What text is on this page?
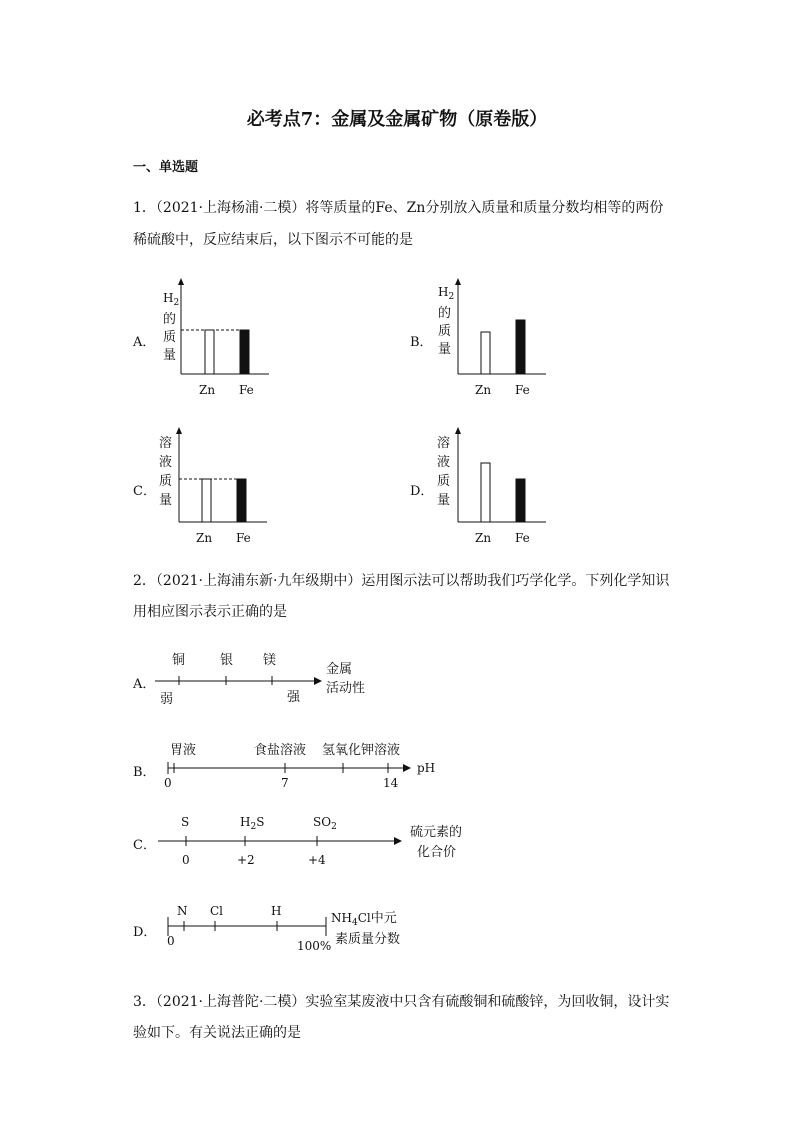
必考点7：金属及金属矿物（原卷版）
一、单选题
1．（2021·上海杨浦·二模）将等质量的Fe、Zn分别放入质量和质量分数均相等的两份
稀硫酸中，反应结束后，以下图示不可能的是
A．
$H_2$
的
质
量
Zn Fe
B．
$H_2$
的
质
量
Zn Fe
C．
溶
液
质
量
Zn Fe
D．
溶
液
质
量
Zn Fe
2．（2021·上海浦东新·九年级期中）运用图示法可以帮助我们巧学化学。下列化学知识
用相应图示表示正确的是
A．
铜	银 镁
弱	强
金属
活动性
B．
胃液	食盐溶液 氢氧化钾溶液
0	7	14
pH
C．
S	$H_2S$	$SO_2$
0	+2	+4
硫元素的
化合价
D．
N Cl	H
0	100%
$NH_4Cl$中元
素质量分数
3．（2021·上海普陀·二模）实验室某废液中只含有硫酸铜和硫酸锌，为回收铜，设计实
验如下。有关说法正确的是
